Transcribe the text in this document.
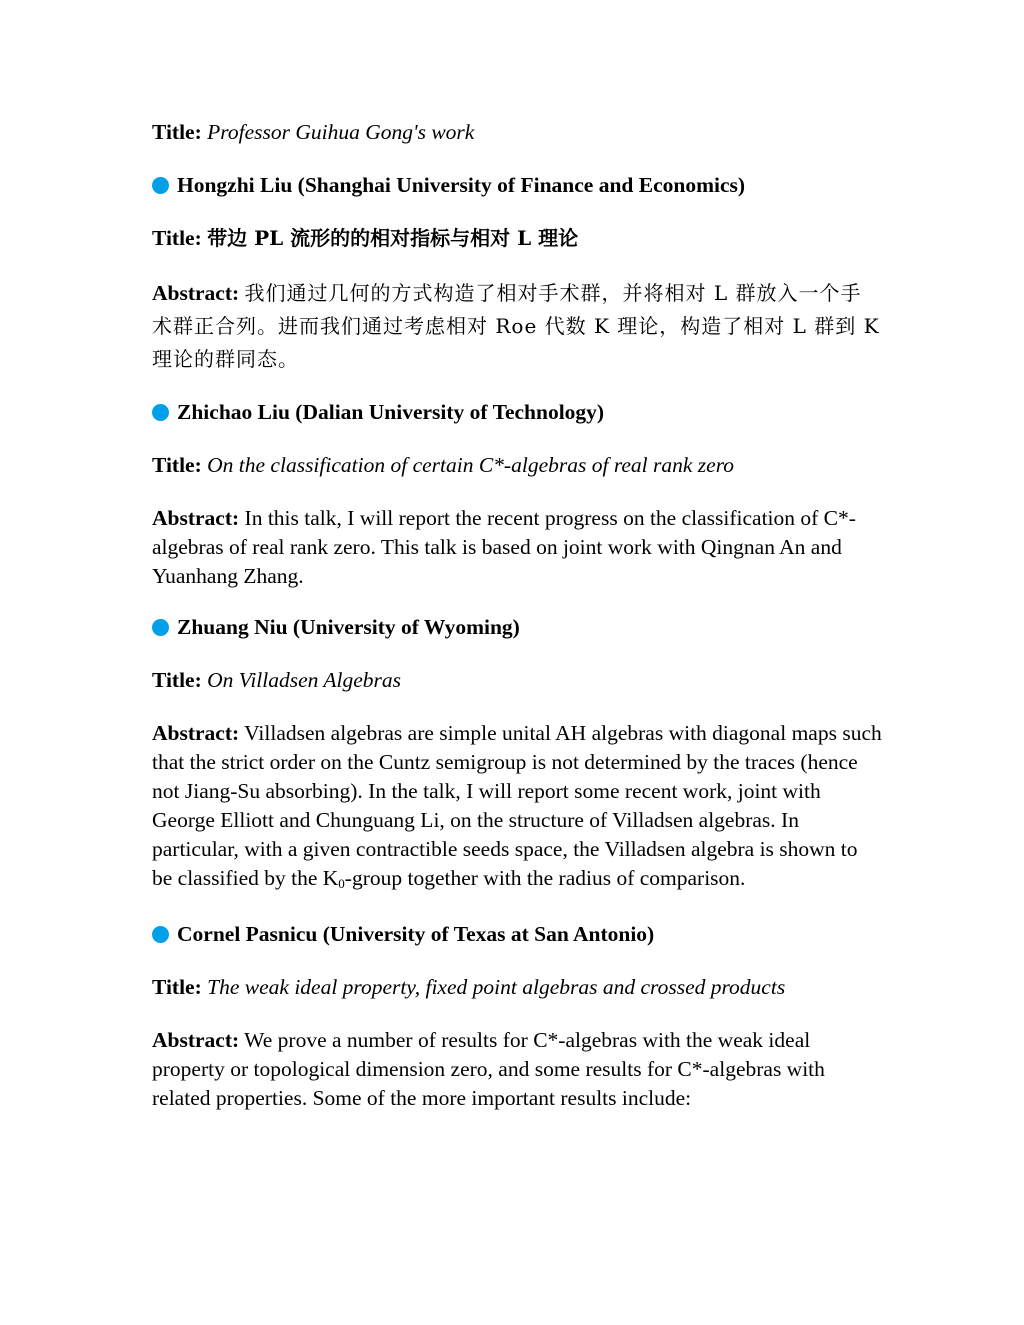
Title: Professor Guihua Gong's work

Hongzhi Liu (Shanghai University of Finance and Economics)

Title: 带边 PL 流形的的相对指标与相对 L 理论

Abstract: 我们通过几何的方式构造了相对手术群，并将相对 L 群放入一个手术群正合列。进而我们通过考虑相对 Roe 代数 K 理论，构造了相对 L 群到 K 理论的群同态。

Zhichao Liu (Dalian University of Technology)

Title: On the classification of certain C*-algebras of real rank zero

Abstract: In this talk, I will report the recent progress on the classification of C*-algebras of real rank zero. This talk is based on joint work with Qingnan An and Yuanhang Zhang.

Zhuang Niu (University of Wyoming)

Title: On Villadsen Algebras

Abstract: Villadsen algebras are simple unital AH algebras with diagonal maps such that the strict order on the Cuntz semigroup is not determined by the traces (hence not Jiang-Su absorbing). In the talk, I will report some recent work, joint with George Elliott and Chunguang Li, on the structure of Villadsen algebras. In particular, with a given contractible seeds space, the Villadsen algebra is shown to be classified by the $K_0$-group together with the radius of comparison.

Cornel Pasnicu (University of Texas at San Antonio)

Title: The weak ideal property, fixed point algebras and crossed products

Abstract: We prove a number of results for C*-algebras with the weak ideal property or topological dimension zero, and some results for C*-algebras with related properties. Some of the more important results include:
